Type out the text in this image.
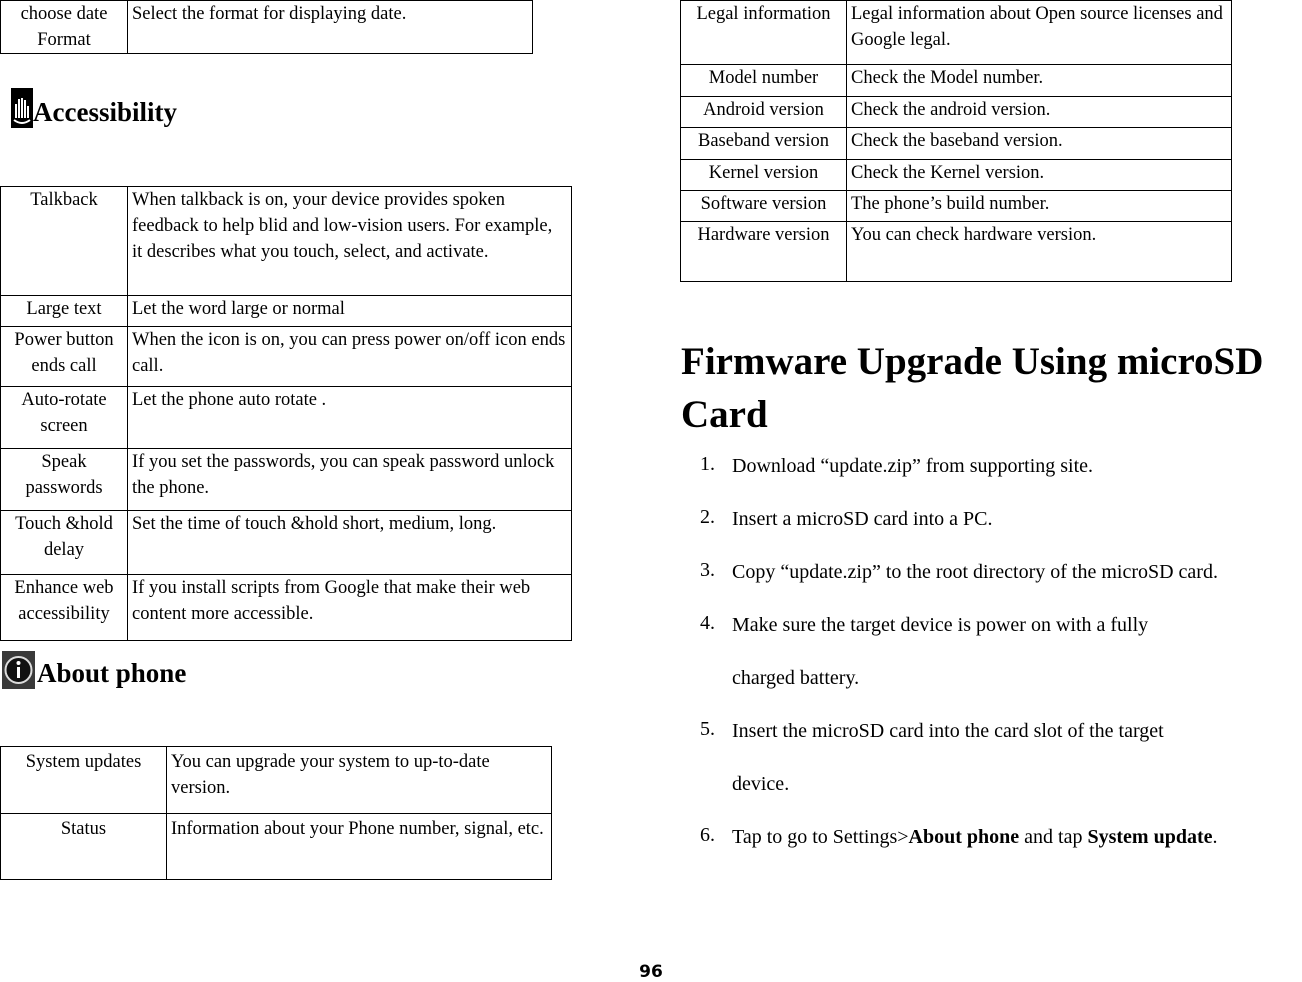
choose date Format	Select the format for displaying date.
Accessibility
Talkback	When talkback is on, your device provides spoken feedback to help blid and low-vision users. For example, it describes what you touch, select, and activate.
Large text	Let the word large or normal
Power button ends call	When the icon is on, you can press power on/off icon ends call.
Auto-rotate screen	Let the phone auto rotate .
Speak passwords	If you set the passwords, you can speak password unlock the phone.
Touch &hold delay	Set the time of touch &hold short, medium, long.
Enhance web accessibility	If you install scripts from Google that make their web content more accessible.
About phone
System updates	You can upgrade your system to up-to-date version.
Status	Information about your Phone number, signal, etc.
Legal information	Legal information about Open source licenses and Google legal.
Model number	Check the Model number.
Android version	Check the android version.
Baseband version	Check the baseband version.
Kernel version	Check the Kernel version.
Software version	The phone’s build number.
Hardware version	You can check hardware version.
Firmware Upgrade Using microSD Card
1. Download “update.zip” from supporting site.
2. Insert a microSD card into a PC.
3. Copy “update.zip” to the root directory of the microSD card.
4. Make sure the target device is power on with a fully
charged battery.
5. Insert the microSD card into the card slot of the target
device.
6. Tap to go to Settings>About phone and tap System update.
96
